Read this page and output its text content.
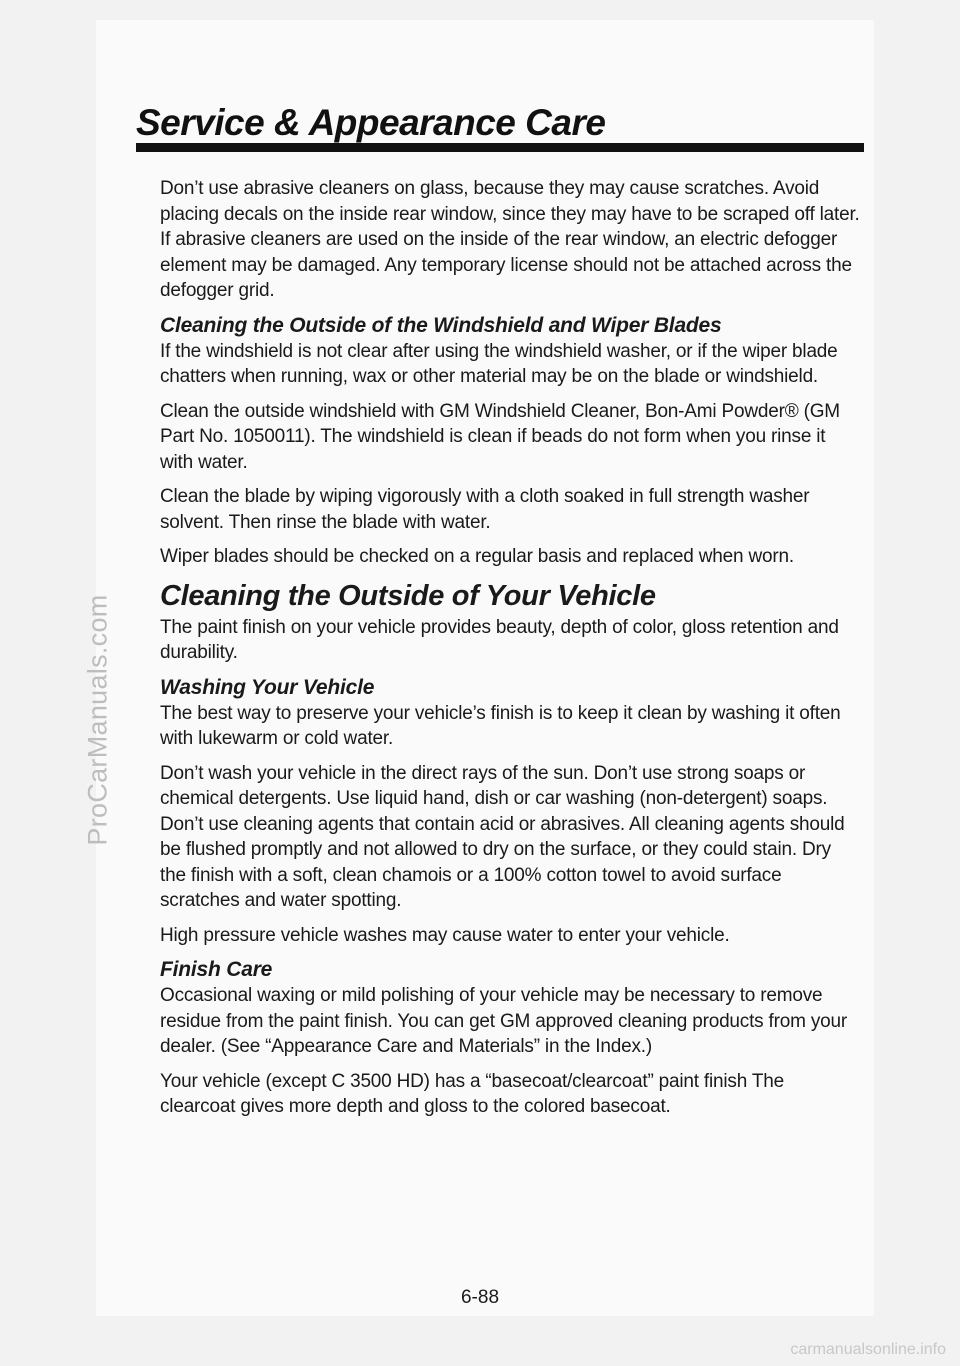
ProCarManuals.com
Service & Appearance Care

Don’t use abrasive cleaners on glass, because they may cause scratches. Avoid placing decals on the inside rear window, since they may have to be scraped off later. If abrasive cleaners are used on the inside of the rear window, an electric defogger element may be damaged. Any temporary license should not be attached across the defogger grid.

Cleaning the Outside of the Windshield and Wiper Blades

If the windshield is not clear after using the windshield washer, or if the wiper blade chatters when running, wax or other material may be on the blade or windshield.

Clean the outside windshield with GM Windshield Cleaner, Bon-Ami Powder® (GM Part No. 1050011). The windshield is clean if beads do not form when you rinse it with water.

Clean the blade by wiping vigorously with a cloth soaked in full strength washer solvent. Then rinse the blade with water.

Wiper blades should be checked on a regular basis and replaced when worn.

Cleaning the Outside of Your Vehicle

The paint finish on your vehicle provides beauty, depth of color, gloss retention and durability.

Washing Your Vehicle

The best way to preserve your vehicle’s finish is to keep it clean by washing it often with lukewarm or cold water.

Don’t wash your vehicle in the direct rays of the sun. Don’t use strong soaps or chemical detergents. Use liquid hand, dish or car washing (non-detergent) soaps. Don’t use cleaning agents that contain acid or abrasives. All cleaning agents should be flushed promptly and not allowed to dry on the surface, or they could stain. Dry the finish with a soft, clean chamois or a 100% cotton towel to avoid surface scratches and water spotting.

High pressure vehicle washes may cause water to enter your vehicle.

Finish Care

Occasional waxing or mild polishing of your vehicle may be necessary to remove residue from the paint finish. You can get GM approved cleaning products from your dealer. (See “Appearance Care and Materials” in the Index.)

Your vehicle (except C 3500 HD) has a “basecoat/clearcoat” paint finish The clearcoat gives more depth and gloss to the colored basecoat.

6-88
carmanualsonline.info
